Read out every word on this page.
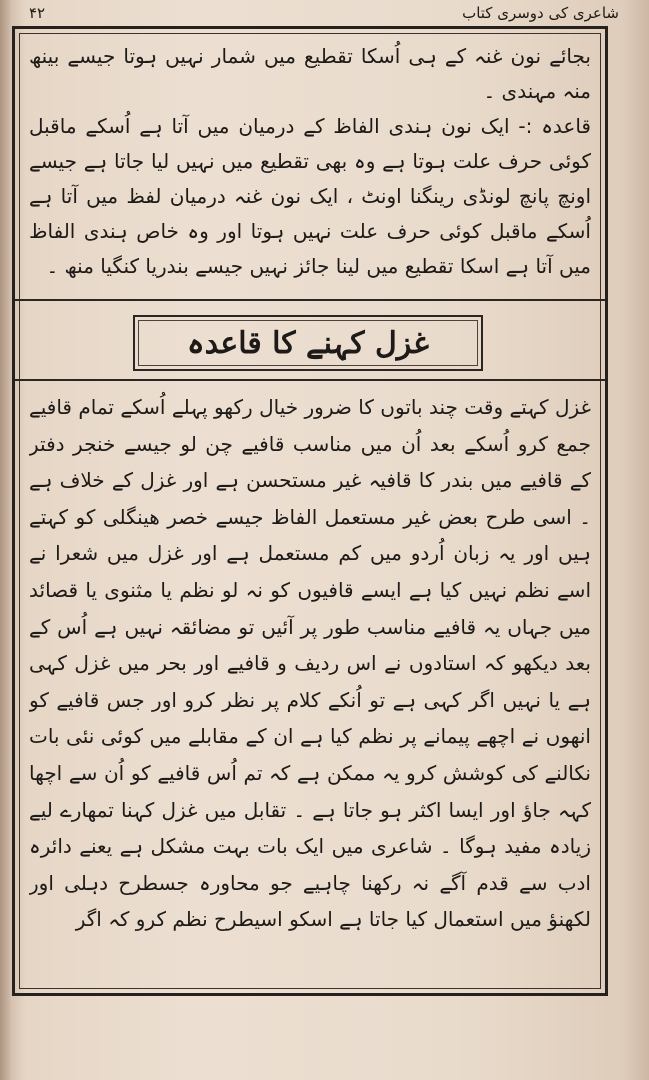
شاعری کی دوسری کتاب
۴۲

بجائے نون غنہ کے ہی اُسکا تقطیع میں شمار نہیں ہوتا جیسے بینھ منہ مہندی ۔

قاعدہ :- ایک نون ہندی الفاظ کے درمیان میں آتا ہے اُسکے ماقبل کوئی حرف علت ہوتا ہے وہ بھی تقطیع میں نہیں لیا جاتا ہے جیسے اونچ پانچ لونڈی رینگنا اونٹ ، ایک نون غنہ درمیان لفظ میں آتا ہے اُسکے ماقبل کوئی حرف علت نہیں ہوتا اور وہ خاص ہندی الفاظ میں آتا ہے اسکا تقطیع میں لینا جائز نہیں جیسے بندریا کنگیا منھ ۔

غزل کہنے کا قاعدہ

غزل کہتے وقت چند باتوں کا ضرور خیال رکھو پہلے اُسکے تمام قافیے جمع کرو اُسکے بعد اُن میں مناسب قافیے چن لو جیسے خنجر دفتر کے قافیے میں بندر کا قافیہ غیر مستحسن ہے اور غزل کے خلاف ہے ۔ اسی طرح بعض غیر مستعمل الفاظ جیسے خصر ھینگلی کو کہتے ہیں اور یہ زبان اُردو میں کم مستعمل ہے اور غزل میں شعرا نے اسے نظم نہیں کیا ہے ایسے قافیوں کو نہ لو نظم یا مثنوی یا قصائد میں جہاں یہ قافیے مناسب طور پر آئیں تو مضائقہ نہیں ہے اُس کے بعد دیکھو کہ استادوں نے اس ردیف و قافیے اور بحر میں غزل کہی ہے یا نہیں اگر کہی ہے تو اُنکے کلام پر نظر کرو اور جس قافیے کو انھوں نے اچھے پیمانے پر نظم کیا ہے ان کے مقابلے میں کوئی نئی بات نکالنے کی کوشش کرو یہ ممکن ہے کہ تم اُس قافیے کو اُن سے اچھا کہہ جاؤ اور ایسا اکثر ہو جاتا ہے ۔ تقابل میں غزل کہنا تمھارے لیے زیادہ مفید ہوگا ۔ شاعری میں ایک بات بہت مشکل ہے یعنے دائرہ ادب سے قدم آگے نہ رکھنا چاہیے جو محاورہ جسطرح دہلی اور لکھنؤ میں استعمال کیا جاتا ہے اسکو اسیطرح نظم کرو کہ اگر
